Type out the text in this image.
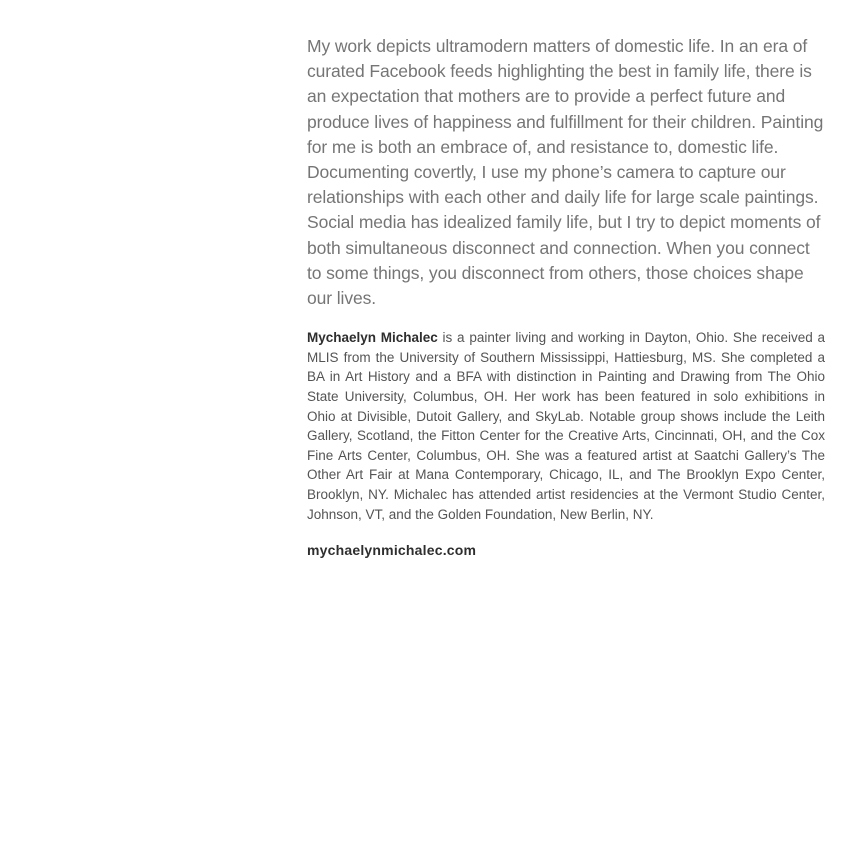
My work depicts ultramodern matters of domestic life. In an era of curated Facebook feeds highlighting the best in family life, there is an expectation that mothers are to provide a perfect future and produce lives of happiness and fulfillment for their children. Painting for me is both an embrace of, and resistance to, domestic life. Documenting covertly, I use my phone’s camera to capture our relationships with each other and daily life for large scale paintings. Social media has idealized family life, but I try to depict moments of both simultaneous disconnect and connection. When you connect to some things, you disconnect from others, those choices shape our lives.

Mychaelyn Michalec is a painter living and working in Dayton, Ohio. She received a MLIS from the University of Southern Mississippi, Hattiesburg, MS. She completed a BA in Art History and a BFA with distinction in Painting and Drawing from The Ohio State University, Columbus, OH. Her work has been featured in solo exhibitions in Ohio at Divisible, Dutoit Gallery, and SkyLab. Notable group shows include the Leith Gallery, Scotland, the Fitton Center for the Creative Arts, Cincinnati, OH, and the Cox Fine Arts Center, Columbus, OH. She was a featured artist at Saatchi Gallery’s The Other Art Fair at Mana Contemporary, Chicago, IL, and The Brooklyn Expo Center, Brooklyn, NY. Michalec has attended artist residencies at the Vermont Studio Center, Johnson, VT, and the Golden Foundation, New Berlin, NY.

mychaelynmichalec.com
